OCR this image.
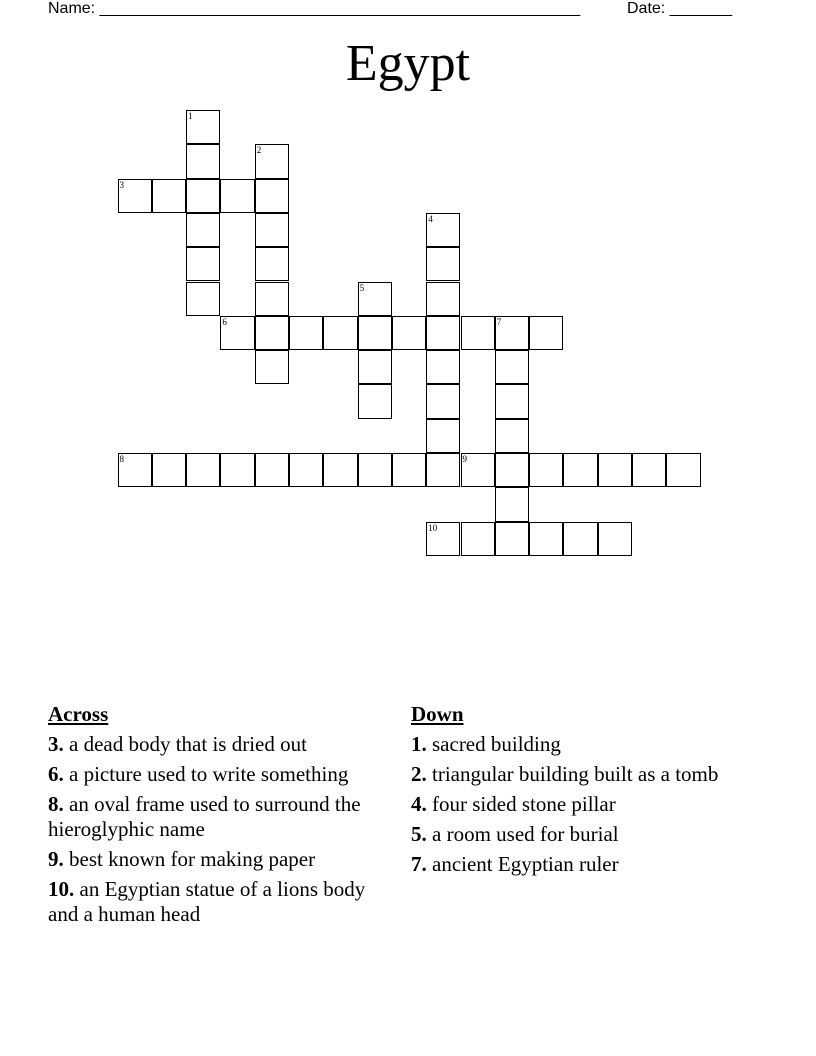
Name: ______________________________________________________	Date: _______
Egypt
1
2
3
4
5
6	7
8	9
10
Across
3. a dead body that is dried out
6. a picture used to write something
8. an oval frame used to surround the hieroglyphic name
9. best known for making paper
10. an Egyptian statue of a lions body and a human head
Down
1. sacred building
2. triangular building built as a tomb
4. four sided stone pillar
5. a room used for burial
7. ancient Egyptian ruler
